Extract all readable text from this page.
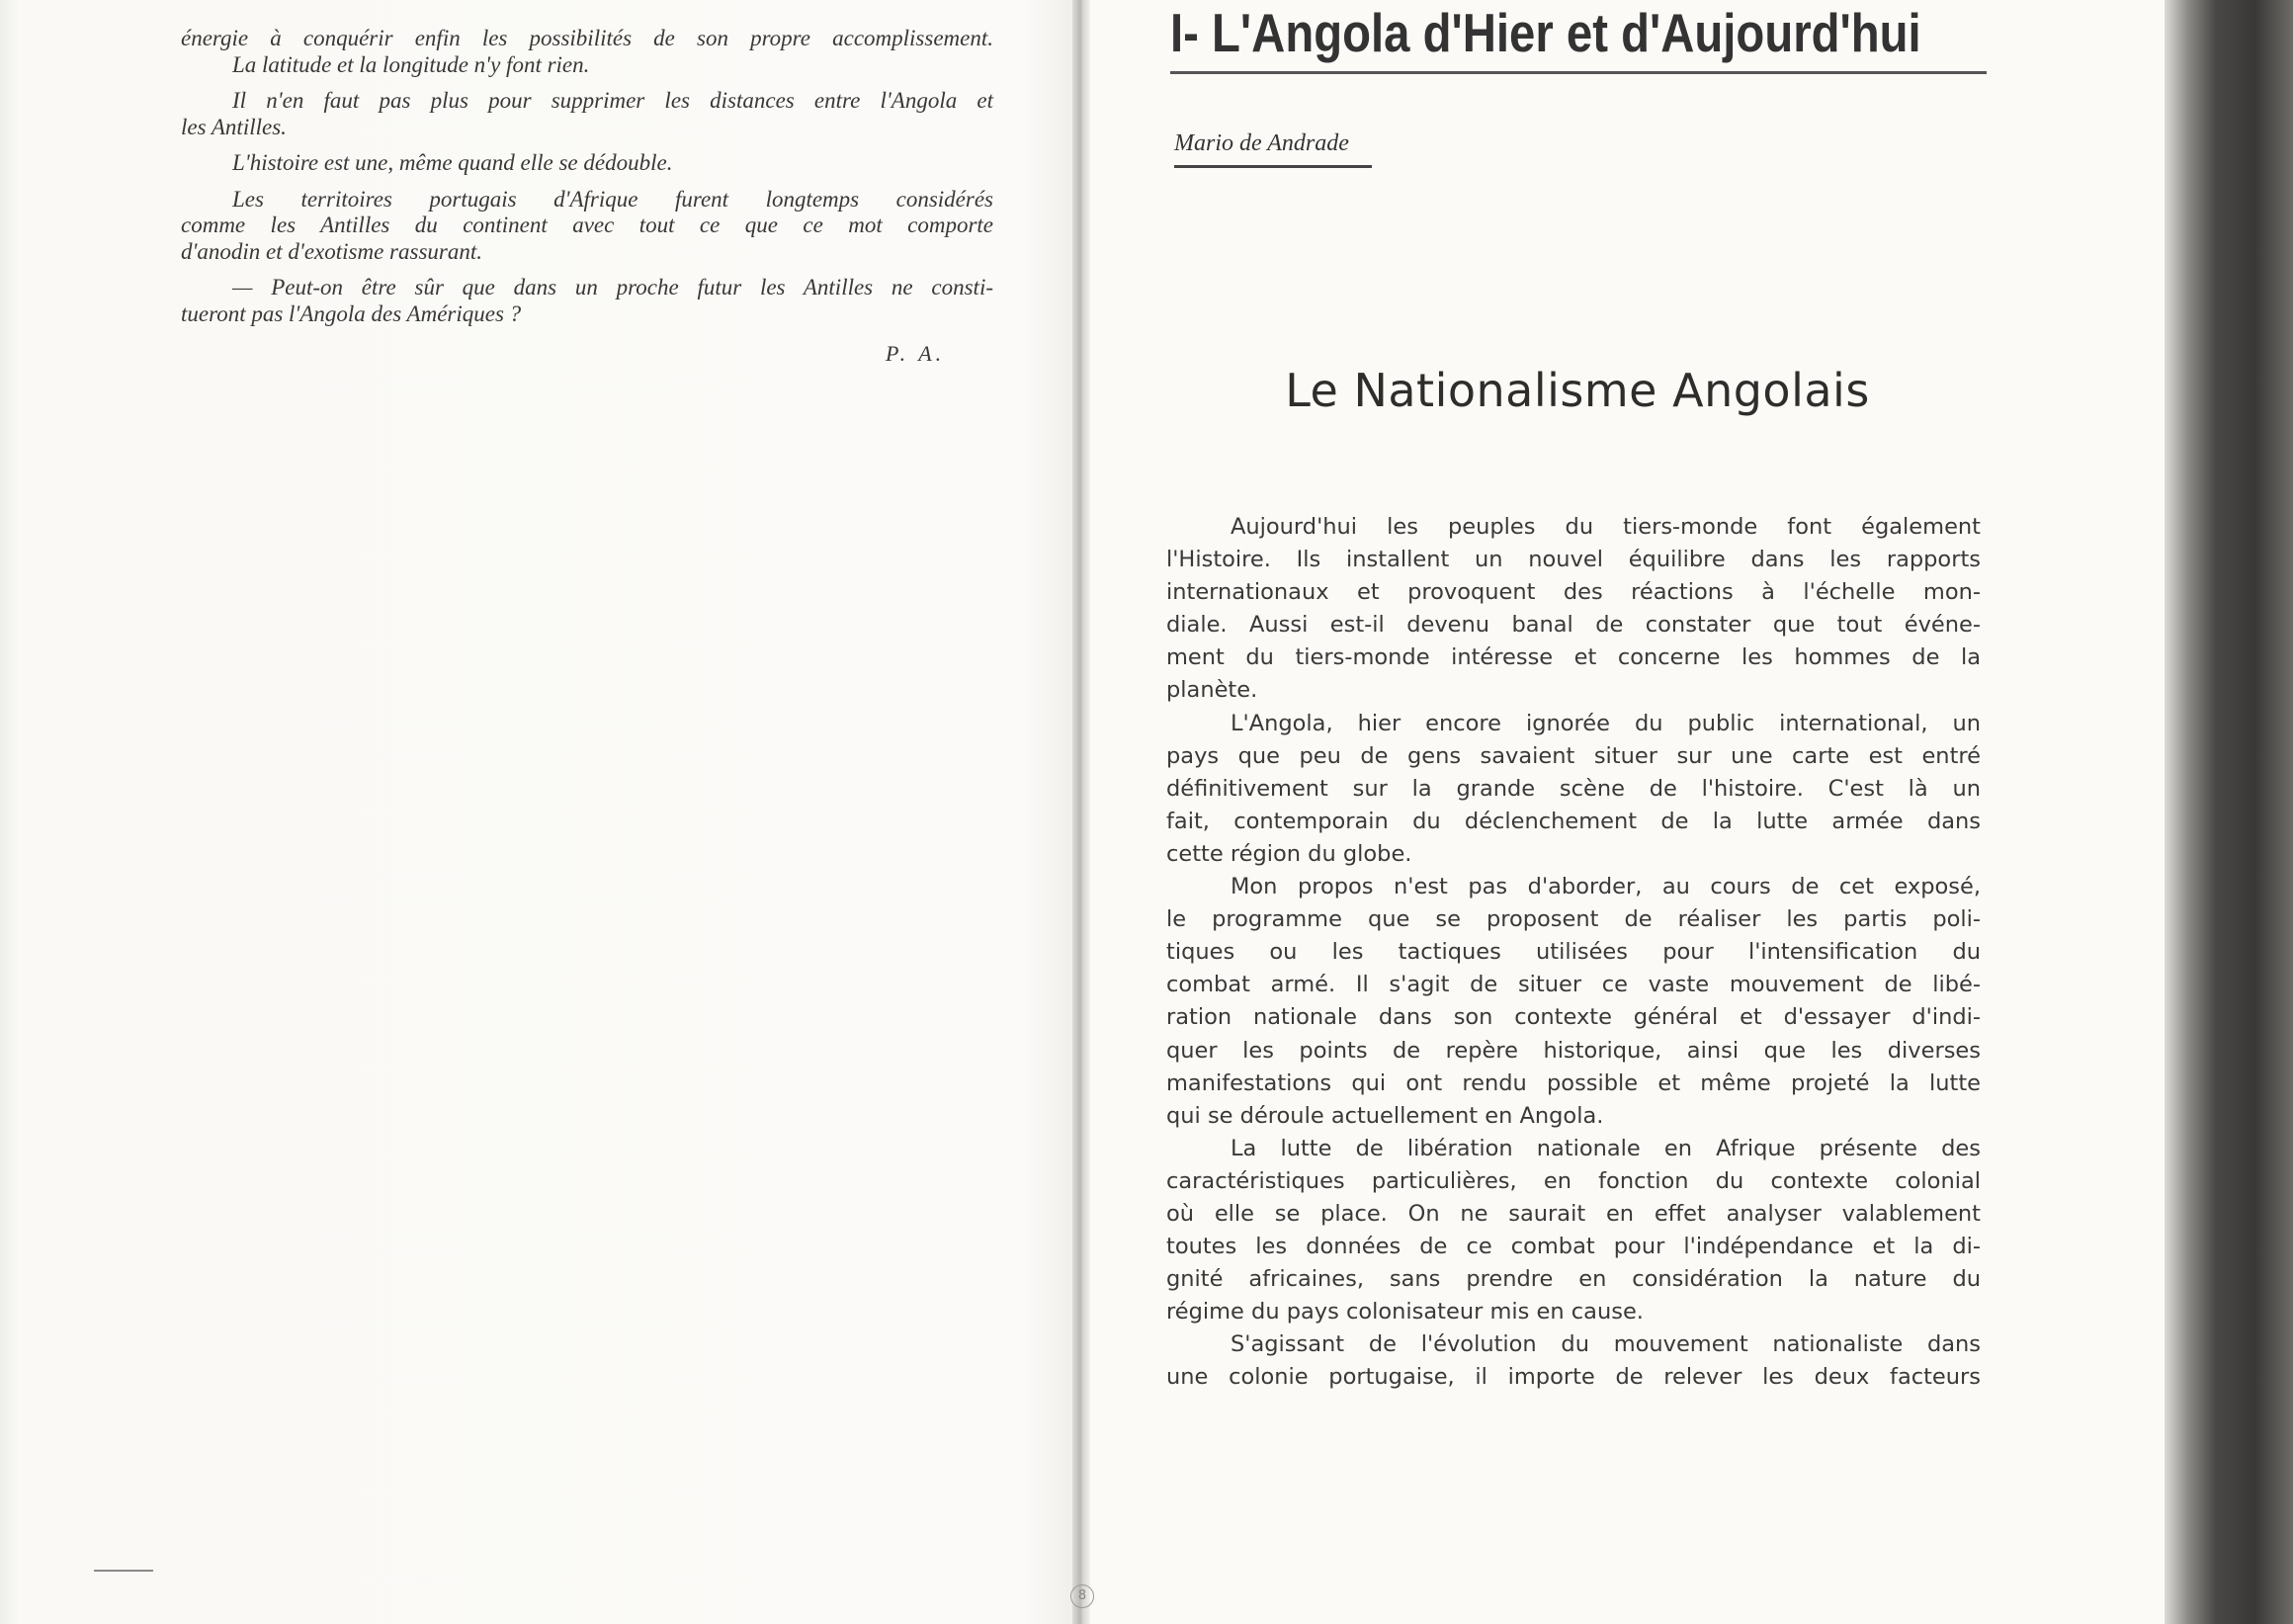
énergie à conquérir enfin les possibilités de son propre accomplissement.
La latitude et la longitude n'y font rien.
Il n'en faut pas plus pour supprimer les distances entre l'Angola et
les Antilles.
L'histoire est une, même quand elle se dédouble.
Les territoires portugais d'Afrique furent longtemps considérés
comme les Antilles du continent avec tout ce que ce mot comporte
d'anodin et d'exotisme rassurant.
— Peut-on être sûr que dans un proche futur les Antilles ne consti-
tueront pas l'Angola des Amériques ?
P. A.
I- L'Angola d'Hier et d'Aujourd'hui
Mario de Andrade
Le Nationalisme Angolais
Aujourd'hui les peuples du tiers-monde font également
l'Histoire. Ils installent un nouvel équilibre dans les rapports
internationaux et provoquent des réactions à l'échelle mon-
diale. Aussi est-il devenu banal de constater que tout événe-
ment du tiers-monde intéresse et concerne les hommes de la
planète.
L'Angola, hier encore ignorée du public international, un
pays que peu de gens savaient situer sur une carte est entré
définitivement sur la grande scène de l'histoire. C'est là un
fait, contemporain du déclenchement de la lutte armée dans
cette région du globe.
Mon propos n'est pas d'aborder, au cours de cet exposé,
le programme que se proposent de réaliser les partis poli-
tiques ou les tactiques utilisées pour l'intensification du
combat armé. Il s'agit de situer ce vaste mouvement de libé-
ration nationale dans son contexte général et d'essayer d'indi-
quer les points de repère historique, ainsi que les diverses
manifestations qui ont rendu possible et même projeté la lutte
qui se déroule actuellement en Angola.
La lutte de libération nationale en Afrique présente des
caractéristiques particulières, en fonction du contexte colonial
où elle se place. On ne saurait en effet analyser valablement
toutes les données de ce combat pour l'indépendance et la di-
gnité africaines, sans prendre en considération la nature du
régime du pays colonisateur mis en cause.
S'agissant de l'évolution du mouvement nationaliste dans
une colonie portugaise, il importe de relever les deux facteurs
8
